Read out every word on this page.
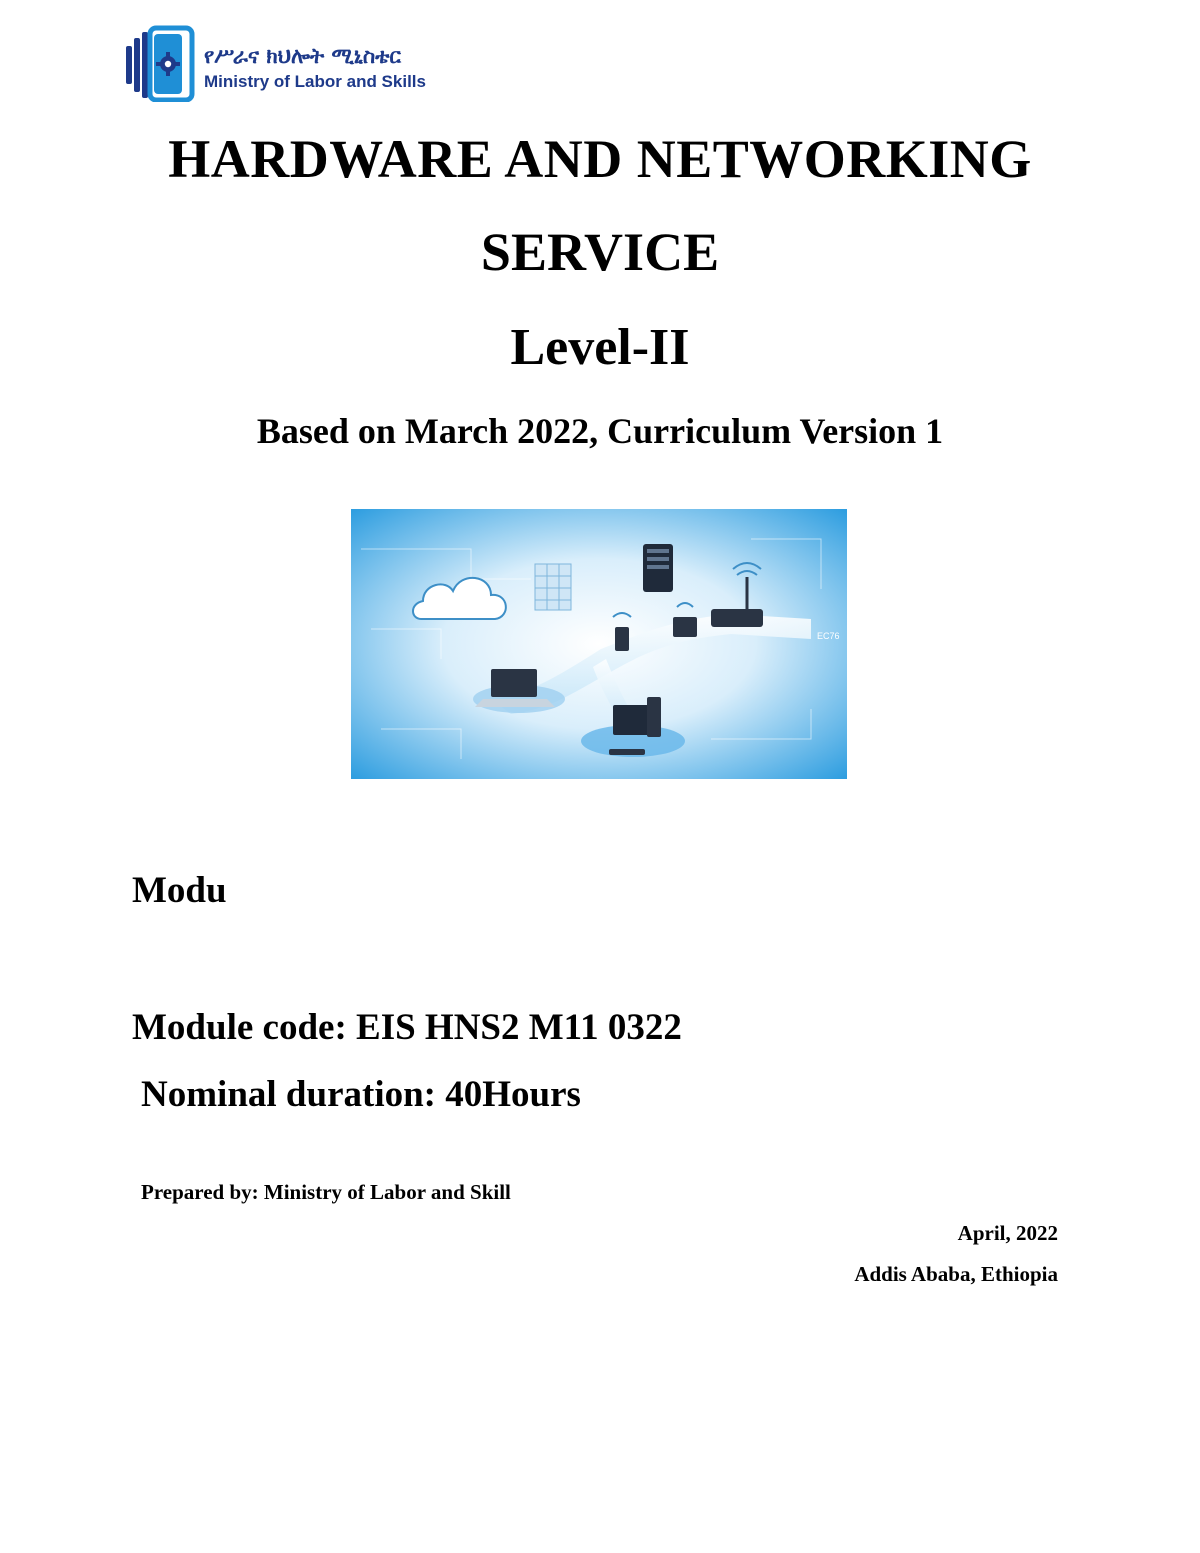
የሥራና ክህሎት ሚኒስቴር
Ministry of Labor and Skills
HARDWARE AND NETWORKING
SERVICE
Level-II
Based on March 2022, Curriculum Version 1
EC76
Modu
Module code: EIS HNS2 M11 0322
Nominal duration: 40Hours
Prepared by: Ministry of Labor and Skill
April, 2022
Addis Ababa, Ethiopia
